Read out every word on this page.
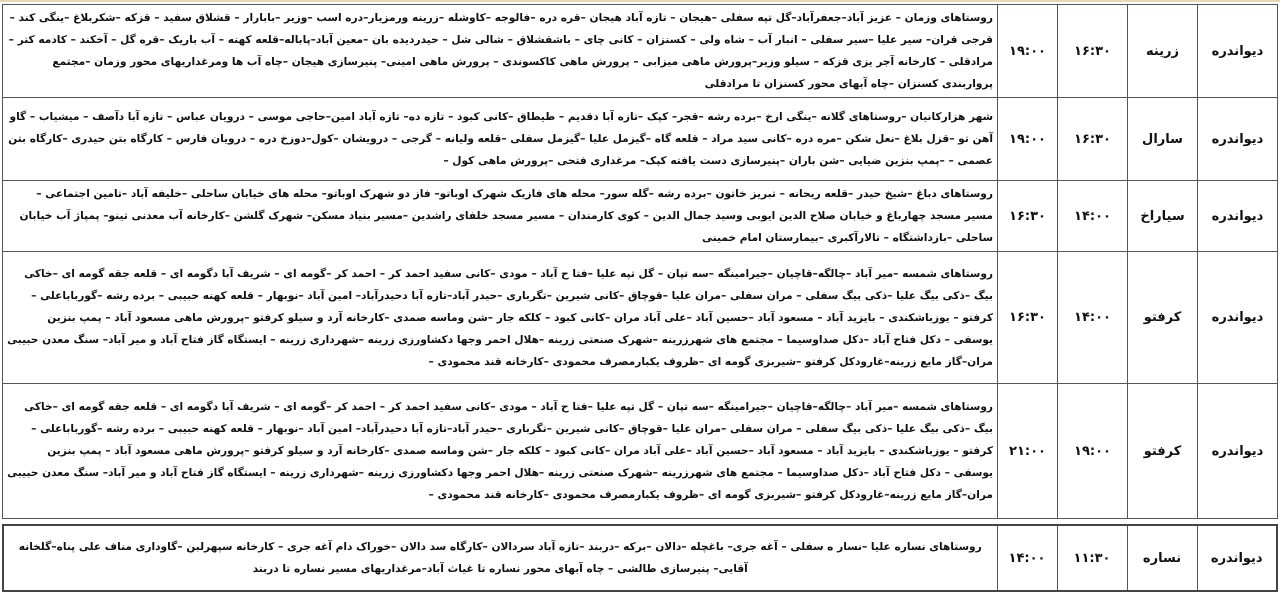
دیواندره	زرینه	۱۶:۳۰	۱۹:۰۰	روستاهای وزمان – عزیز آباد–جعفرآباد–گل تپه سفلی –هیجان – تازه آباد هیجان –قره دره –فالوجه –کاوشله –زرینه ورمزیار–دره اسب –وزیر –بابارار – قشلاق سفید – قزکه –شکربلاغ –ینگی کند –قرجی قران– سیر علیا –سیر سفلی – انبار آب – شاه ولی – کسنزان – کانی چای – باشقشلاق – شالی شل – حیدردیده بان –معین آباد–پاباله–قلعه کهنه – آب باریک –قره گل – آخکند – کادمه کتر –مرادقلی – کارخانه آجر یزی قزکه – سیلو وزیر–پرورش ماهی میزابی – پرورش ماهی کاکسوندی – پرورش ماهی امینی– پنیرسازی هیجان –چاه آب ها ومرغداریهای محور وزمان –مجتمع پرواربندی کسنزان –چاه آبهای محور کسنزان تا مرادقلی
دیواندره	سارال	۱۶:۳۰	۱۹:۰۰	شهر هزارکانیان –روستاهای گلانه –ینگی ارخ –برده رشه –قجر– کپک –تازه آبا دقدیم – طیطاق –کانی کبود – تازه ده– تازه آباد امین–حاجی موسی – درویان عباس – تازه آبا دآصف – میشیاب – گاو آهن تو –قزل بلاغ –نعل شکن –مره دره –کانی سید مراد – قلعه گاه –گیزمل علیا –گیزمل سفلی –قلعه ولیانه – گرجی – درویشان –کول–دوزخ دره – درویان فارس – کارگاه بتن حیدری –کارگاه بتن عصمی – –پمپ بنزین ضیایی –شن باران –پنیرسازی دست یافته کپک– مرغداری فتحی –پرورش ماهی کول –
دیواندره	سیاراخ	۱۴:۰۰	۱۶:۳۰	روستاهای دباغ –شیخ حیدر –قلعه ریحانه – تبریز خاتون –برده رشه –گله سور– محله های فازیک شهرک اوباتو– فاز دو شهرک اوباتو– محله های خیابان ساحلی –خلیفه آباد –تامین اجتماعی – مسیر مسجد چهارباغ و خیابان صلاح الدین ایوبی وسید جمال الدین – کوی کارمندان – مسیر مسجد خلفای راشدین –مسیر بنیاد مسکن– شهرک گلشن –کارخانه آب معدنی تینو– پمپاژ آب خیابان ساحلی –بازداشتگاه – تالارآکبری –بیمارستان امام خمینی
دیواندره	کرفتو	۱۴:۰۰	۱۶:۳۰	روستاهای شمسه –میر آباد –چالگه–قاچیان –جیرامینگه –سه تپان – گل تپه علیا –فتا ح آباد – مودی –کانی سفید احمد کر – احمد کر –گومه ای – شریف آبا دگومه ای – قلعه جقه گومه ای –خاکی بیگ –ذکی بیگ علیا –ذکی بیگ سفلی – مران سفلی –مران علیا –قوچاق –کانی شیرین –تگرباری –حیدر آباد–تازه آبا دحیدرآباد– امین آباد –نوبهار – قلعه کهنه حبیبی – برده رشه –گورباباعلی –کرفتو – یوزباشکندی – بایزید آباد – مسعود آباد –حسین آباد –علی آباد مران –کانی کبود – کلکه جار –شن وماسه صمدی –کارخانه آرد و سیلو کرفتو –پرورش ماهی مسعود آباد – پمپ بنزین یوسفی – دکل فتاح آباد –دکل صداوسیما – مجتمع های شهرزرینه –شهرک صنعتی زرینه –هلال احمر وجها دکشاورزی زرینه –شهرداری زرینه – ایستگاه گاز فتاح آباد و میر آباد– سنگ معدن حبیبی مران–گاز مایع زرینه–غارودکل کرفتو –شیربزی گومه ای –ظروف یکبارمصرف محمودی –کارخانه قند محمودی –
دیواندره	کرفتو	۱۹:۰۰	۲۱:۰۰	روستاهای شمسه –میر آباد –چالگه–قاچیان –جیرامینگه –سه تپان – گل تپه علیا –فتا ح آباد – مودی –کانی سفید احمد کر – احمد کر –گومه ای – شریف آبا دگومه ای – قلعه جقه گومه ای –خاکی بیگ –ذکی بیگ علیا –ذکی بیگ سفلی – مران سفلی –مران علیا –قوچاق –کانی شیرین –تگرباری –حیدر آباد–تازه آبا دحیدرآباد– امین آباد –نوبهار – قلعه کهنه حبیبی – برده رشه –گورباباعلی –کرفتو – یوزباشکندی – بایزید آباد – مسعود آباد –حسین آباد –علی آباد مران –کانی کبود – کلکه جار –شن وماسه صمدی –کارخانه آرد و سیلو کرفتو –پرورش ماهی مسعود آباد – پمپ بنزین یوسفی – دکل فتاح آباد –دکل صداوسیما – مجتمع های شهرزرینه –شهرک صنعتی زرینه –هلال احمر وجها دکشاورزی زرینه –شهرداری زرینه – ایستگاه گاز فتاح آباد و میر آباد– سنگ معدن حبیبی مران–گاز مایع زرینه–غارودکل کرفتو –شیربزی گومه ای –ظروف یکبارمصرف محمودی –کارخانه قند محمودی –
دیواندره	نساره	۱۱:۳۰	۱۴:۰۰	روستاهای نساره علیا –نسار ه سفلی – آغه جری– باغچله –دالان –برکه –دربند –تازه آباد سردالان –کارگاه سد دالان –خوراک دام آغه جری – کارخانه سپهرلبن –گاوداری مناف علی پناه–گلخانه آقایی– پنیرسازی طالشی – چاه آبهای محور نساره تا غیاث آباد–مرغداریهای مسیر نساره تا دربند
